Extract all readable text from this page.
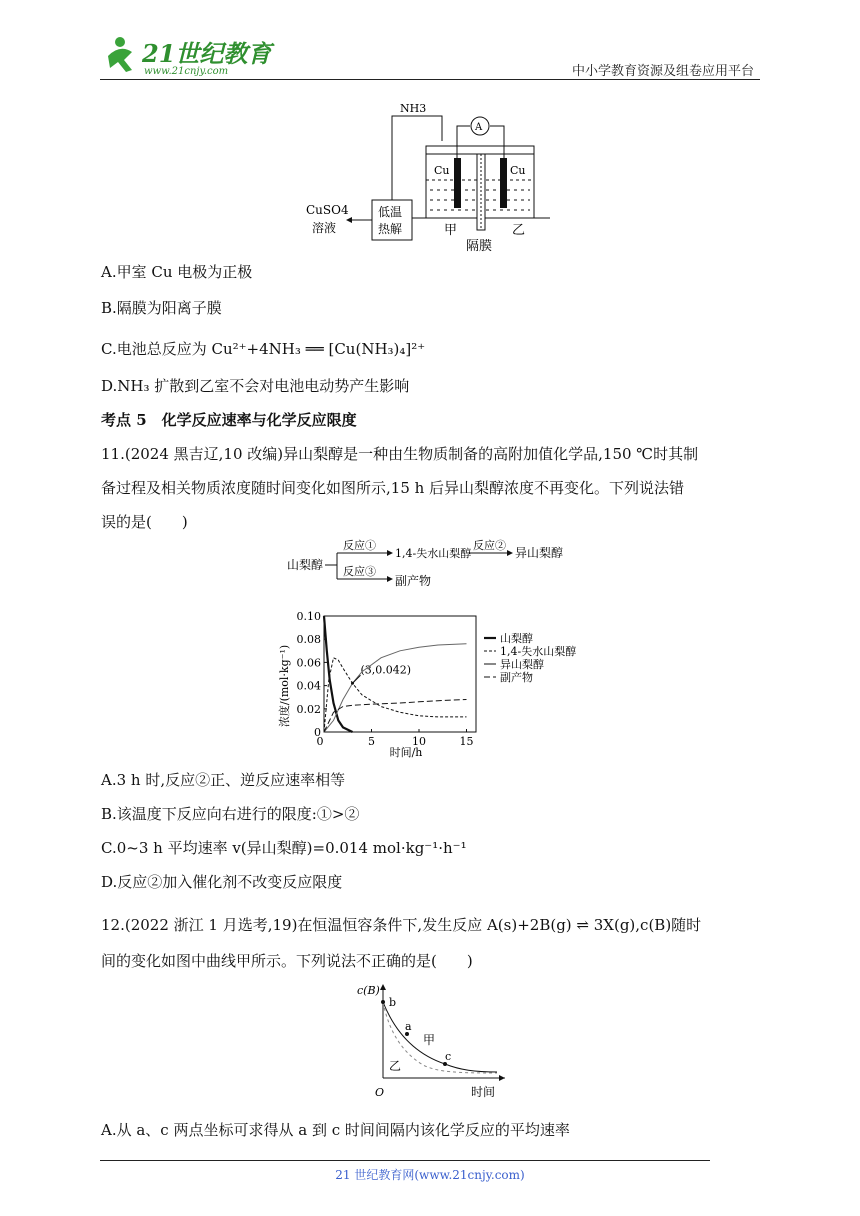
21世纪教育
www.21cnjy.com	中小学教育资源及组卷应用平台
NH3
A
Cu	Cu
CuSO4
溶液
低温
热解	甲	乙
隔膜
A.甲室 Cu 电极为正极
B.隔膜为阳离子膜
C.电池总反应为 Cu²⁺+4NH₃ ══ [Cu(NH₃)₄]²⁺
D.NH₃ 扩散到乙室不会对电池电动势产生影响
考点 5　化学反应速率与化学反应限度
11.(2024 黑吉辽,10 改编)异山梨醇是一种由生物质制备的高附加值化学品,150 ℃时其制
备过程及相关物质浓度随时间变化如图所示,15 h 后异山梨醇浓度不再变化。下列说法错
误的是(　　)
山梨醇
反应①
1,4-失水山梨醇
反应②
异山梨醇
反应③
副产物
浓度/(mol·kg⁻¹)
时间/h
(3,0.042)
0
0.02
0.04
0.06
0.08
0.10
5	10	15
0
山梨醇
1,4-失水山梨醇
异山梨醇
副产物
A.3 h 时,反应②正、逆反应速率相等
B.该温度下反应向右进行的限度:①>②
C.0~3 h 平均速率 v(异山梨醇)=0.014 mol·kg⁻¹·h⁻¹
D.反应②加入催化剂不改变反应限度
12.(2022 浙江 1 月选考,19)在恒温恒容条件下,发生反应 A(s)+2B(g) ⇌ 3X(g),c(B)随时
间的变化如图中曲线甲所示。下列说法不正确的是(　　)
c(B)
b
a
c
甲
乙
O	时间
A.从 a、c 两点坐标可求得从 a 到 c 时间间隔内该化学反应的平均速率
21 世纪教育网(www.21cnjy.com)
